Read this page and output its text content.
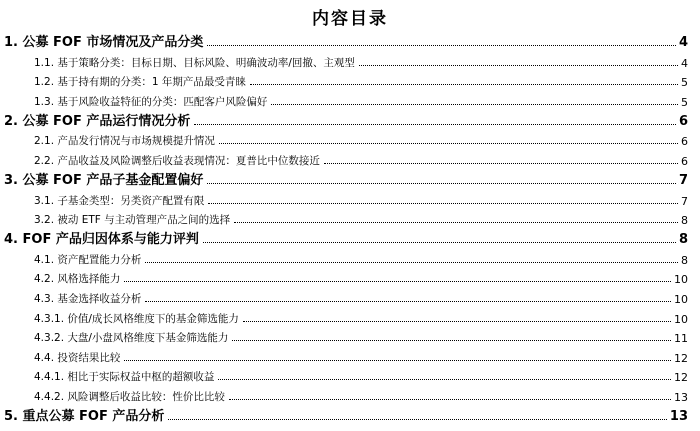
内容目录
1. 公募 FOF 市场情况及产品分类	4
1.1. 基于策略分类：目标日期、目标风险、明确波动率/回撤、主观型	4
1.2. 基于持有期的分类：1 年期产品最受青睐	5
1.3. 基于风险收益特征的分类：匹配客户风险偏好	5
2. 公募 FOF 产品运行情况分析	6
2.1. 产品发行情况与市场规模提升情况	6
2.2. 产品收益及风险调整后收益表现情况：夏普比中位数接近	6
3. 公募 FOF 产品子基金配置偏好	7
3.1. 子基金类型：另类资产配置有限	7
3.2. 被动 ETF 与主动管理产品之间的选择	8
4. FOF 产品归因体系与能力评判	8
4.1. 资产配置能力分析	8
4.2. 风格选择能力	10
4.3. 基金选择收益分析	10
4.3.1. 价值/成长风格维度下的基金筛选能力	10
4.3.2. 大盘/小盘风格维度下基金筛选能力	11
4.4. 投资结果比较	12
4.4.1. 相比于实际权益中枢的超额收益	12
4.4.2. 风险调整后收益比较：性价比比较	13
5. 重点公募 FOF 产品分析	13
